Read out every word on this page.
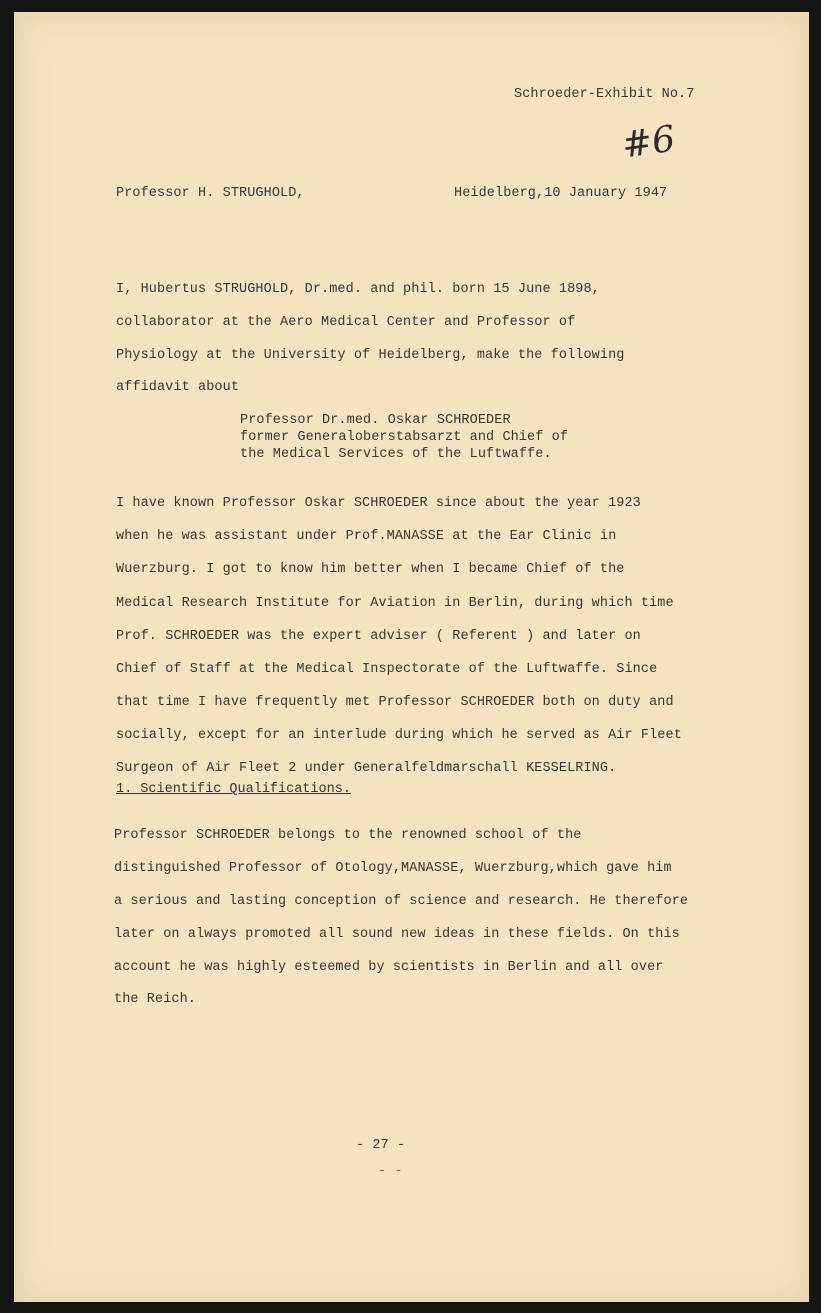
Schroeder-Exhibit No.7
#6
Professor H. STRUGHOLD,	Heidelberg,10 January 1947
I, Hubertus STRUGHOLD, Dr.med. and phil. born 15 June 1898,
collaborator at the Aero Medical Center and Professor of
Physiology at the University of Heidelberg, make the following
affidavit about
Professor Dr.med. Oskar SCHROEDER
former Generaloberstabsarzt and Chief of
the Medical Services of the Luftwaffe.
I have known Professor Oskar SCHROEDER since about the year 1923
when he was assistant under Prof.MANASSE at the Ear Clinic in
Wuerzburg. I got to know him better when I became Chief of the
Medical Research Institute for Aviation in Berlin, during which time
Prof. SCHROEDER was the expert adviser ( Referent ) and later on
Chief of Staff at the Medical Inspectorate of the Luftwaffe. Since
that time I have frequently met Professor SCHROEDER both on duty and
socially, except for an interlude during which he served as Air Fleet
Surgeon of Air Fleet 2 under Generalfeldmarschall KESSELRING.
1. Scientific Qualifications.
Professor SCHROEDER belongs to the renowned school of the
distinguished Professor of Otology,MANASSE, Wuerzburg,which gave him
a serious and lasting conception of science and research. He therefore
later on always promoted all sound new ideas in these fields. On this
account he was highly esteemed by scientists in Berlin and all over
the Reich.
- 27 -
- -
